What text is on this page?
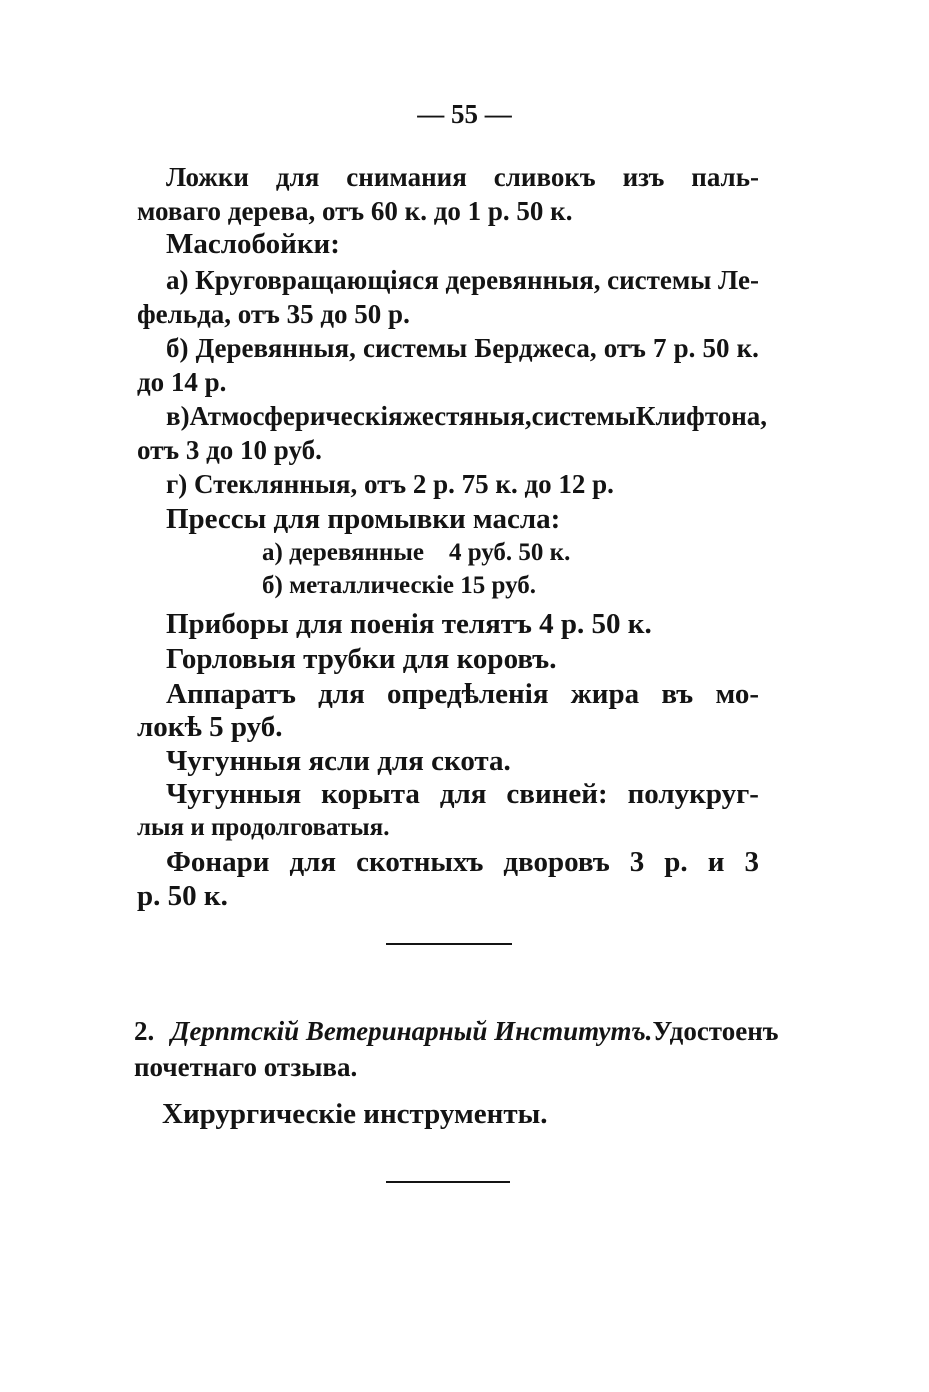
— 55 —
Ложки для снимания сливокъ изъ паль-
моваго дерева, отъ 60 к. до 1 р. 50 к.
Маслобойки:
а) Круговращающіяся деревянныя, системы Ле-
фельда, отъ 35 до 50 р.
б) Деревянныя, системы Берджеса, отъ 7 р. 50 к.
до 14 р.
в) Атмосферическія жестяныя, системы Клифтона,
отъ 3 до 10 руб.
г) Стеклянныя, отъ 2 р. 75 к. до 12 р.
Прессы для промывки масла:
а) деревянные    4 руб. 50 к.
б) металлическіе 15 руб.
Приборы для поенія телятъ 4 р. 50 к.
Горловыя трубки для коровъ.
Аппаратъ для опредѣленія жира въ мо-
локѣ 5 руб.
Чугунныя ясли для скота.
Чугунныя корыта для свиней: полукруг-
лыя и продолговатыя.
Фонари для скотныхъ дворовъ 3 р. и 3
р. 50 к.
2. Дерптскій Ветеринарный Институтъ. Удостоенъ
почетнаго отзыва.
Хирургическіе инструменты.
